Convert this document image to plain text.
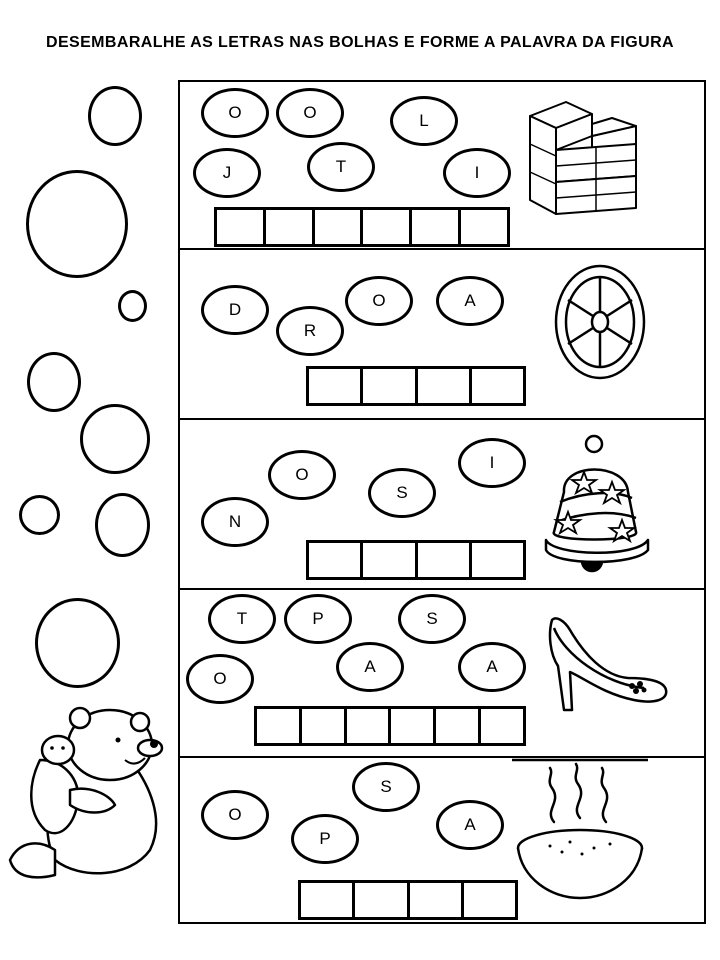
DESEMBARALHE AS LETRAS NAS BOLHAS E FORME A PALAVRA DA FIGURA
O	O	L
J	T	I
D
R
O	A
O
I
S
N
T	P	S
O
A	A
S
O
P
A
